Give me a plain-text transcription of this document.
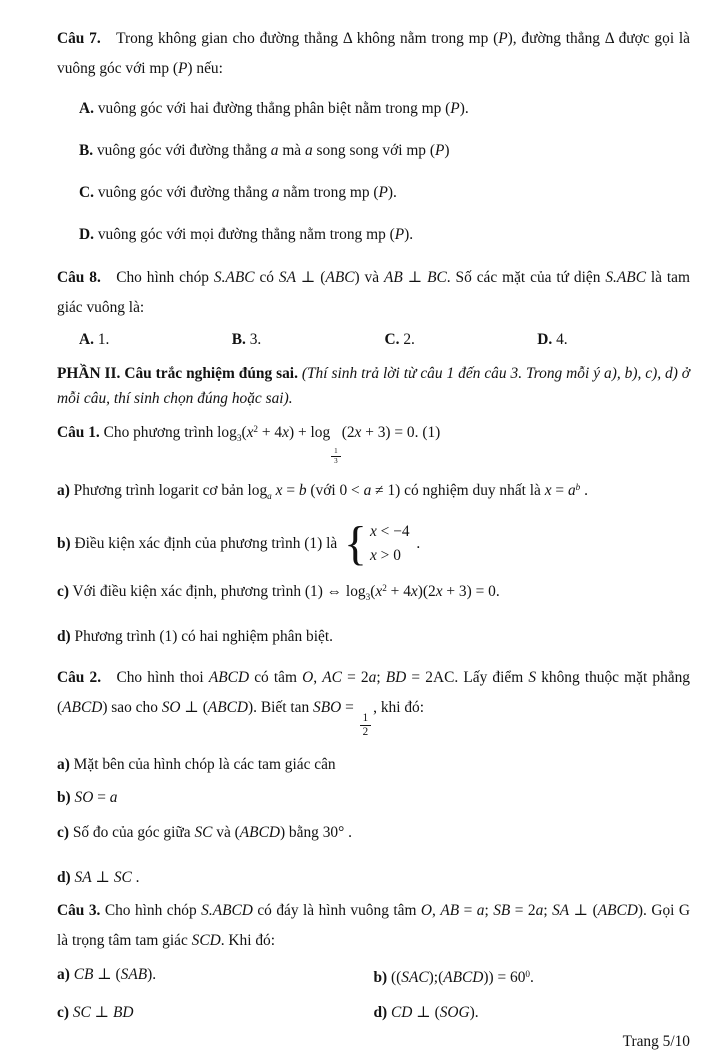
Câu 7. Trong không gian cho đường thẳng Δ không nằm trong mp (P), đường thẳng Δ được gọi là vuông góc với mp (P) nếu:

A. vuông góc với hai đường thẳng phân biệt nằm trong mp (P).

B. vuông góc với đường thẳng a mà a song song với mp (P)

C. vuông góc với đường thẳng a nằm trong mp (P).

D. vuông góc với mọi đường thẳng nằm trong mp (P).

Câu 8. Cho hình chóp S.ABC có SA ⊥ (ABC) và AB ⊥ BC. Số các mặt của tứ diện S.ABC là tam giác vuông là:

A. 1.	B. 3.	C. 2.	D. 4.

PHẦN II. Câu trắc nghiệm đúng sai. (Thí sinh trả lời từ câu 1 đến câu 3. Trong mỗi ý a), b), c), d) ở mỗi câu, thí sinh chọn đúng hoặc sai).

Câu 1. Cho phương trình $\log_3(x^2 + 4x) + \log$
$\frac{1}{3}$
(2x + 3) = 0. (1)

a) Phương trình logarit cơ bản $\log_a x = b$ (với 0 < a ≠ 1) có nghiệm duy nhất là $x = a^b$ .

b) Điều kiện xác định của phương trình (1) là { x < −4
x > 0
.

c) Với điều kiện xác định, phương trình (1) ⇔ $\log_3(x^2 + 4x)(2x + 3) = 0$.

d) Phương trình (1) có hai nghiệm phân biệt.

Câu 2. Cho hình thoi ABCD có tâm O, AC = 2a; BD = 2AC. Lấy điểm S không thuộc mặt phẳng (ABCD) sao cho SO ⊥ (ABCD). Biết tan SBO =
$\frac{1}{2}$
, khi đó:

a) Mặt bên của hình chóp là các tam giác cân

b) SO = a

c) Số đo của góc giữa SC và (ABCD) bằng 30° .

d) SA ⊥ SC .

Câu 3. Cho hình chóp S.ABCD có đáy là hình vuông tâm O, AB = a; SB = 2a; SA ⊥ (ABCD). Gọi G là trọng tâm tam giác SCD. Khi đó:

a) CB ⊥ (SAB).	b) ((SAC);(ABCD)) = $60^0$.
c) SC ⊥ BD	d) CD ⊥ (SOG).
Trang 5/10
